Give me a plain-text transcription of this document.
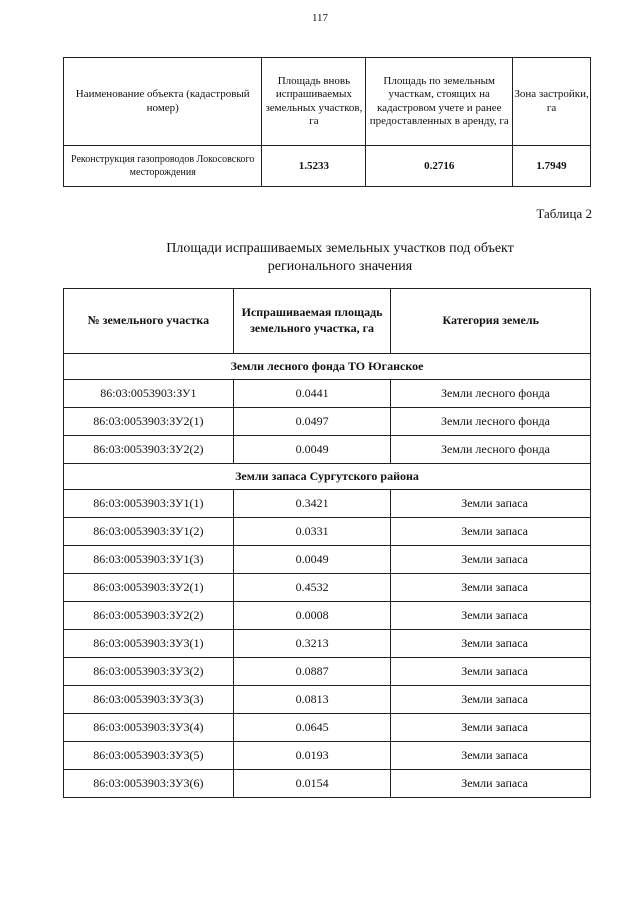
117
Наименование объекта (кадастровый номер)	Площадь вновь испрашиваемых земельных участков, га	Площадь по земельным участкам, стоящих на кадастровом учете и ранее предоставленных в аренду, га	Зона застройки, га
Реконструкция газопроводов Локосовского месторождения	1.5233	0.2716	1.7949
Таблица 2
Площади испрашиваемых земельных участков под объект регионального значения
№ земельного участка	Испрашиваемая площадь земельного участка, га	Категория земель
Земли лесного фонда ТО Юганское		
86:03:0053903:ЗУ1	0.0441	Земли лесного фонда
86:03:0053903:ЗУ2(1)	0.0497	Земли лесного фонда
86:03:0053903:ЗУ2(2)	0.0049	Земли лесного фонда
Земли запаса Сургутского района		
86:03:0053903:ЗУ1(1)	0.3421	Земли запаса
86:03:0053903:ЗУ1(2)	0.0331	Земли запаса
86:03:0053903:ЗУ1(3)	0.0049	Земли запаса
86:03:0053903:ЗУ2(1)	0.4532	Земли запаса
86:03:0053903:ЗУ2(2)	0.0008	Земли запаса
86:03:0053903:ЗУ3(1)	0.3213	Земли запаса
86:03:0053903:ЗУ3(2)	0.0887	Земли запаса
86:03:0053903:ЗУ3(3)	0.0813	Земли запаса
86:03:0053903:ЗУ3(4)	0.0645	Земли запаса
86:03:0053903:ЗУ3(5)	0.0193	Земли запаса
86:03:0053903:ЗУ3(6)	0.0154	Земли запаса
